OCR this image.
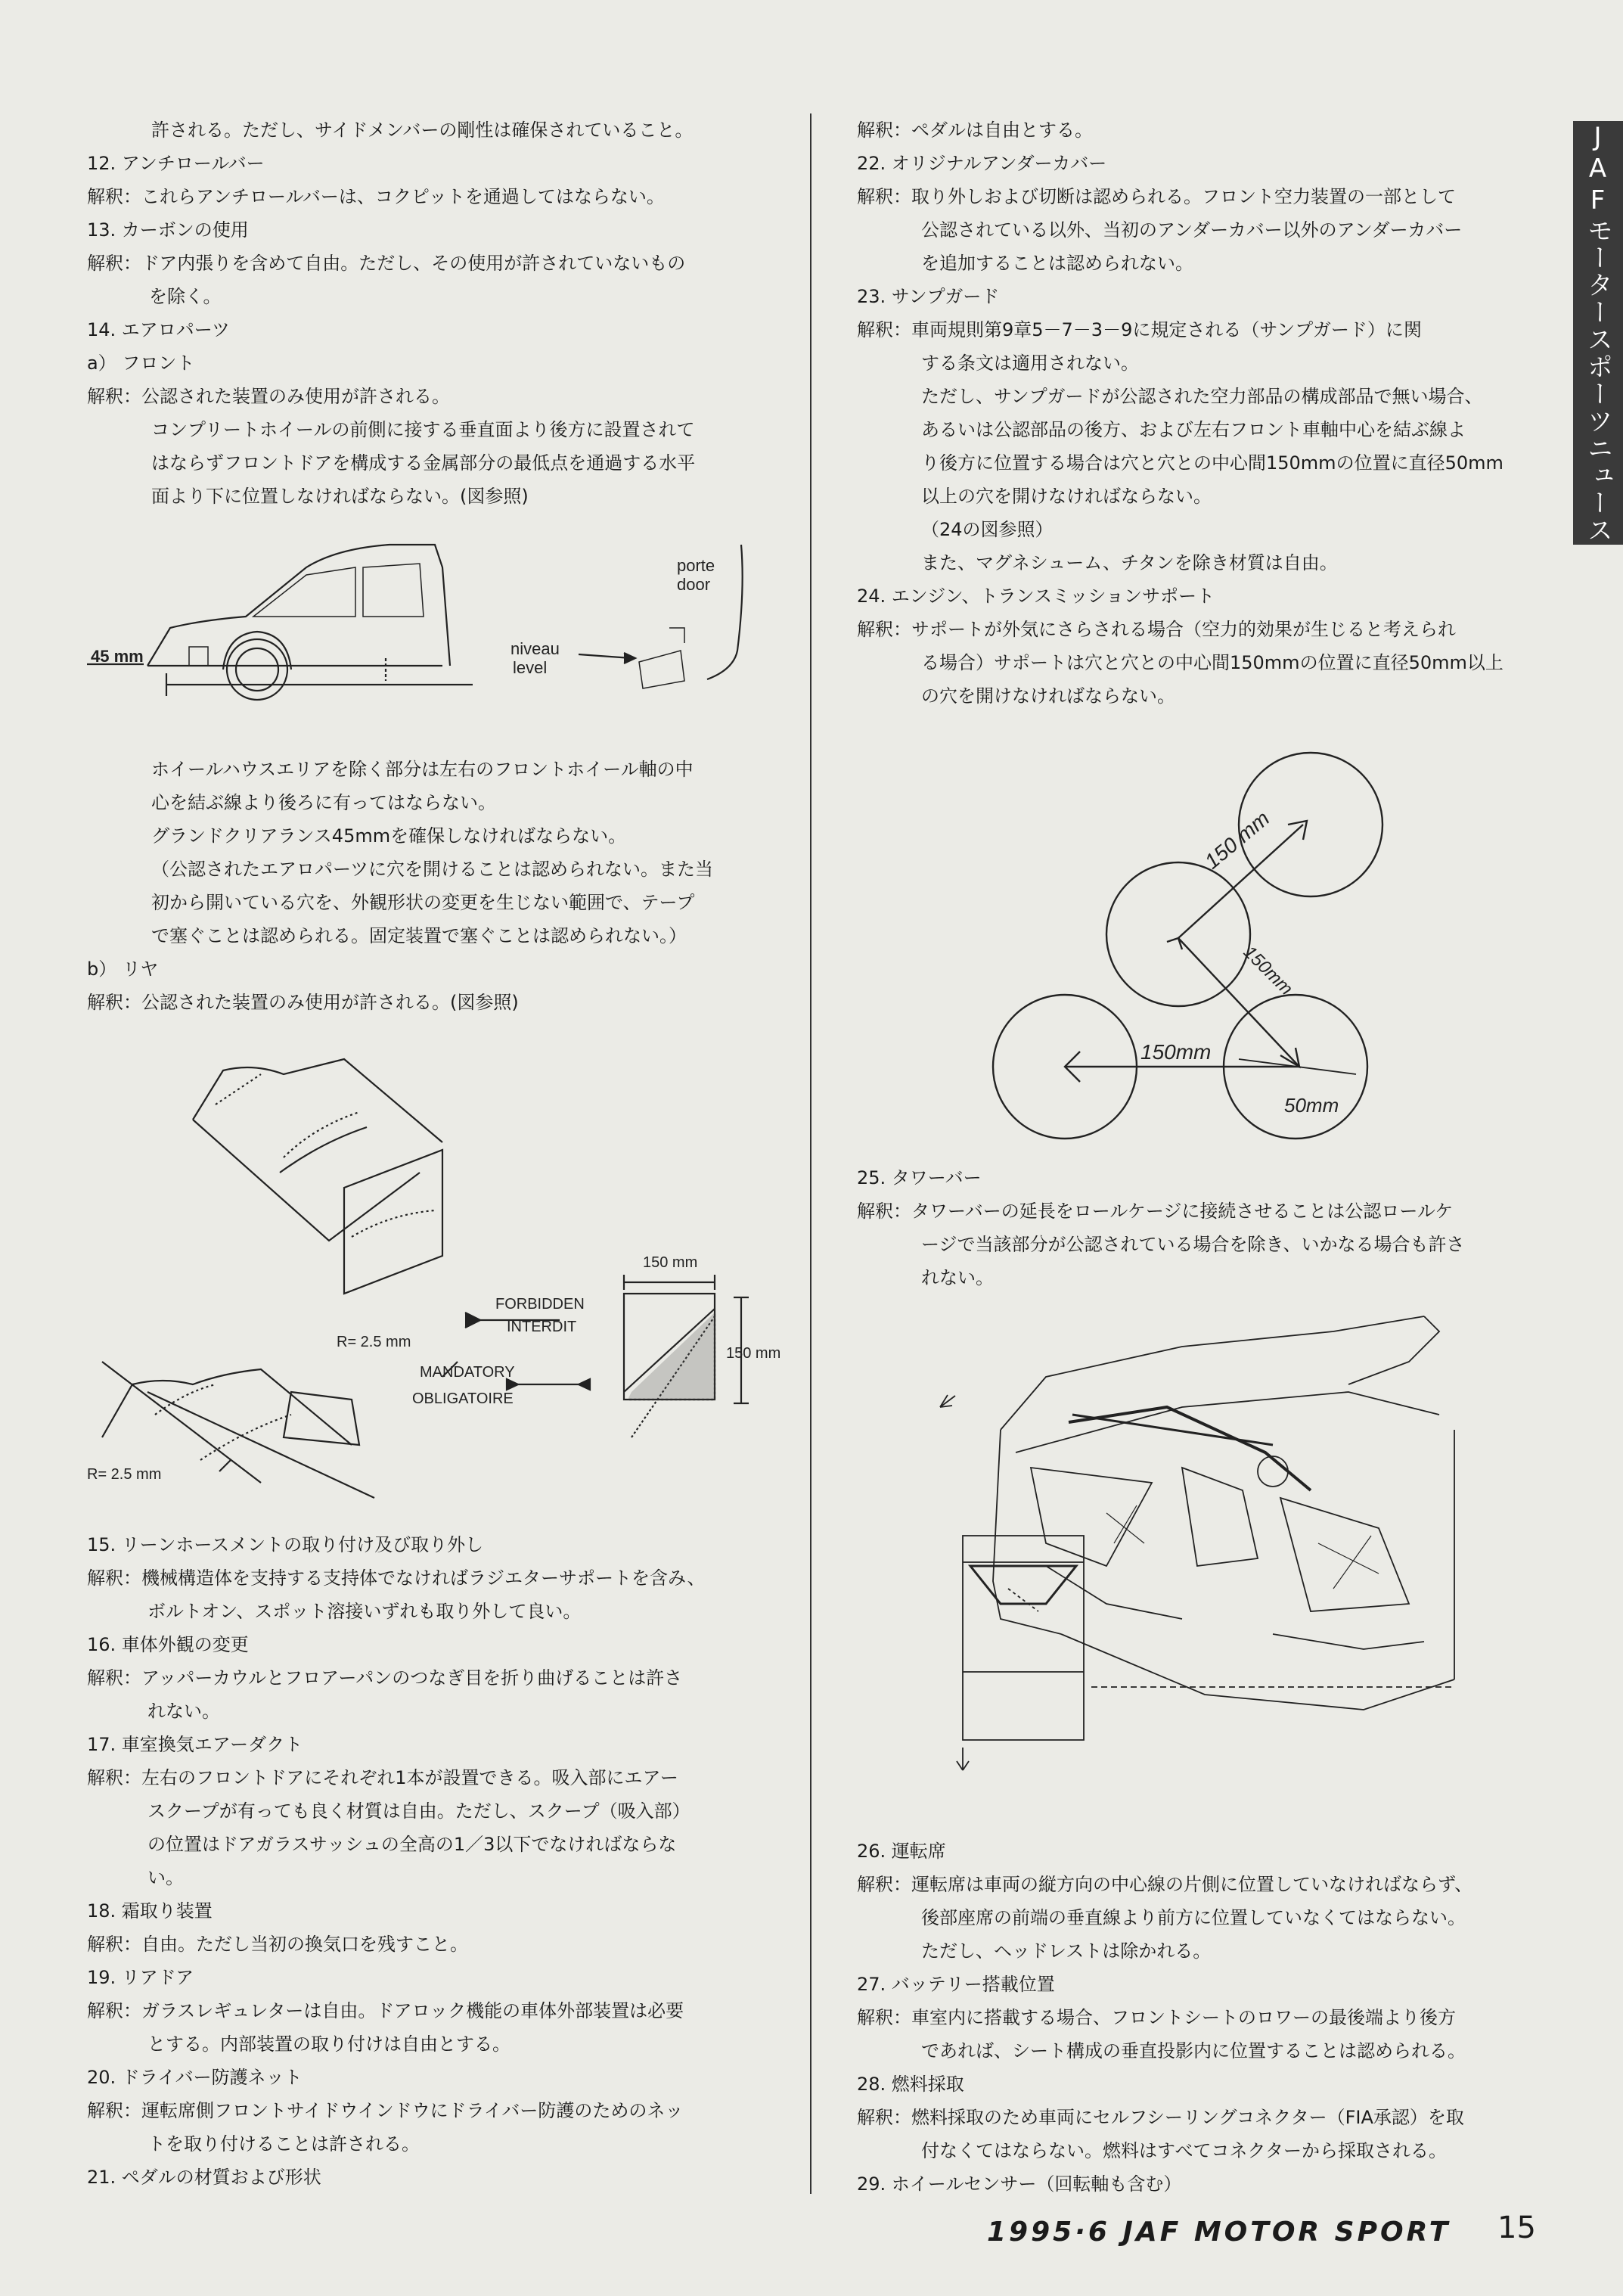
JAFモータースポーツニュース
許される。ただし、サイドメンバーの剛性は確保されていること。
12. アンチロールバー
解釈：これらアンチロールバーは、コクピットを通過してはならない。
13. カーボンの使用
解釈：ドア内張りを含めて自由。ただし、その使用が許されていないもの
を除く。
14. エアロパーツ
a） フロント
解釈：公認された装置のみ使用が許される。
コンプリートホイールの前側に接する垂直面より後方に設置されて
はならずフロントドアを構成する金属部分の最低点を通過する水平
面より下に位置しなければならない。(図参照)
45 mm
porte
door
niveau
level
ホイールハウスエリアを除く部分は左右のフロントホイール軸の中
心を結ぶ線より後ろに有ってはならない。
グランドクリアランス45mmを確保しなければならない。
（公認されたエアロパーツに穴を開けることは認められない。また当
初から開いている穴を、外観形状の変更を生じない範囲で、テープ
で塞ぐことは認められる。固定装置で塞ぐことは認められない。）
b） リヤ
解釈：公認された装置のみ使用が許される。(図参照)
FORBIDDEN
INTERDIT
R= 2.5 mm
R= 2.5 mm
MANDATORY
OBLIGATOIRE
150 mm
150 mm
15. リーンホースメントの取り付け及び取り外し
解釈：機械構造体を支持する支持体でなければラジエターサポートを含み、
ボルトオン、スポット溶接いずれも取り外して良い。
16. 車体外観の変更
解釈：アッパーカウルとフロアーパンのつなぎ目を折り曲げることは許さ
れない。
17. 車室換気エアーダクト
解釈：左右のフロントドアにそれぞれ1本が設置できる。吸入部にエアー
スクープが有っても良く材質は自由。ただし、スクープ（吸入部）
の位置はドアガラスサッシュの全高の1／3以下でなければならな
い。
18. 霜取り装置
解釈：自由。ただし当初の換気口を残すこと。
19. リアドア
解釈：ガラスレギュレターは自由。ドアロック機能の車体外部装置は必要
とする。内部装置の取り付けは自由とする。
20. ドライバー防護ネット
解釈：運転席側フロントサイドウインドウにドライバー防護のためのネッ
トを取り付けることは許される。
21. ペダルの材質および形状
解釈：ペダルは自由とする。
22. オリジナルアンダーカバー
解釈：取り外しおよび切断は認められる。フロント空力装置の一部として
公認されている以外、当初のアンダーカバー以外のアンダーカバー
を追加することは認められない。
23. サンプガード
解釈：車両規則第9章5－7－3－9に規定される（サンプガード）に関
する条文は適用されない。
ただし、サンプガードが公認された空力部品の構成部品で無い場合、
あるいは公認部品の後方、および左右フロント車軸中心を結ぶ線よ
り後方に位置する場合は穴と穴との中心間150mmの位置に直径50mm
以上の穴を開けなければならない。
（24の図参照）
また、マグネシューム、チタンを除き材質は自由。
24. エンジン、トランスミッションサポート
解釈：サポートが外気にさらされる場合（空力的効果が生じると考えられ
る場合）サポートは穴と穴との中心間150mmの位置に直径50mm以上
の穴を開けなければならない。
150 mm
150mm
150mm
50mm
25. タワーバー
解釈：タワーバーの延長をロールケージに接続させることは公認ロールケ
ージで当該部分が公認されている場合を除き、いかなる場合も許さ
れない。
26. 運転席
解釈：運転席は車両の縦方向の中心線の片側に位置していなければならず、
後部座席の前端の垂直線より前方に位置していなくてはならない。
ただし、ヘッドレストは除かれる。
27. バッテリー搭載位置
解釈：車室内に搭載する場合、フロントシートのロワーの最後端より後方
であれば、シート構成の垂直投影内に位置することは認められる。
28. 燃料採取
解釈：燃料採取のため車両にセルフシーリングコネクター（FIA承認）を取
付なくてはならない。燃料はすべてコネクターから採取される。
29. ホイールセンサー（回転軸も含む）
1995·6 JAF MOTOR SPORT 15
